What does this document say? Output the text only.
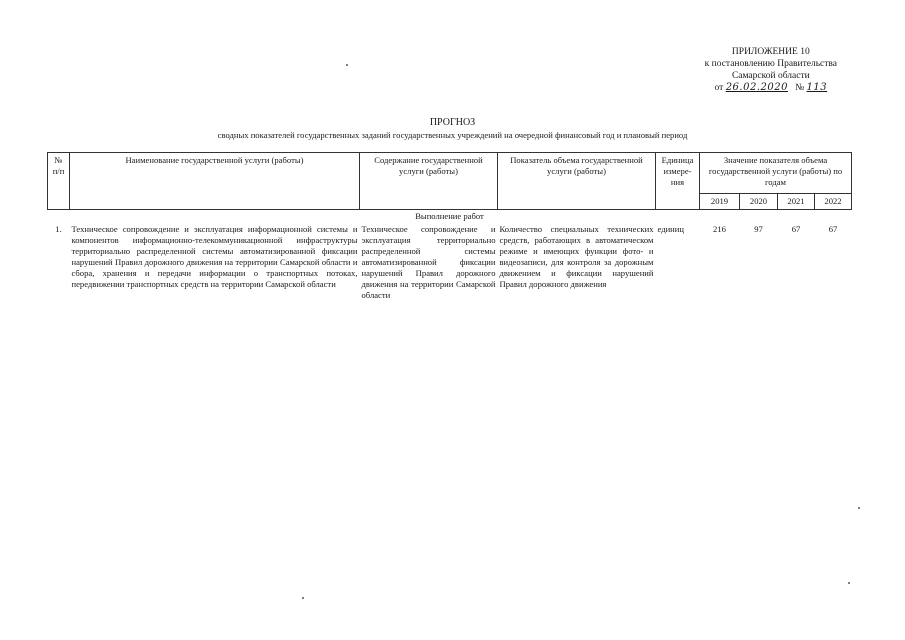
ПРИЛОЖЕНИЕ 10
к постановлению Правительства
Самарской области
от 26.02.2020 № 113
ПРОГНОЗ
сводных показателей государственных заданий государственных учреждений на очередной финансовый год и плановый период
№ п/п	Наименование государственной услуги (работы)	Содержание государственной услуги (работы)	Показатель объема государственной услуги (работы)	Единица измере-ния	Значение показателя объема государственной услуги (работы) по годам			
					2019	2020	2021	2022
Выполнение работ								
1.	Техническое сопровождение и эксплуатация информационной системы и компонентов информационно-телекоммуникационной инфраструктуры территориально распределенной системы автоматизированной фиксации нарушений Правил дорожного движения на территории Самарской области и сбора, хранения и передачи информации о транспортных потоках, передвижении транспортных средств на территории Самарской области	Техническое сопровождение и эксплуатация территориально распределенной системы автоматизированной фиксации нарушений Правил дорожного движения на территории Самарской области	Количество специальных технических средств, работающих в автоматическом режиме и имеющих функции фото- и видеозаписи, для контроля за дорожным движением и фиксации нарушений Правил дорожного движения	единиц	216	97	67	67
